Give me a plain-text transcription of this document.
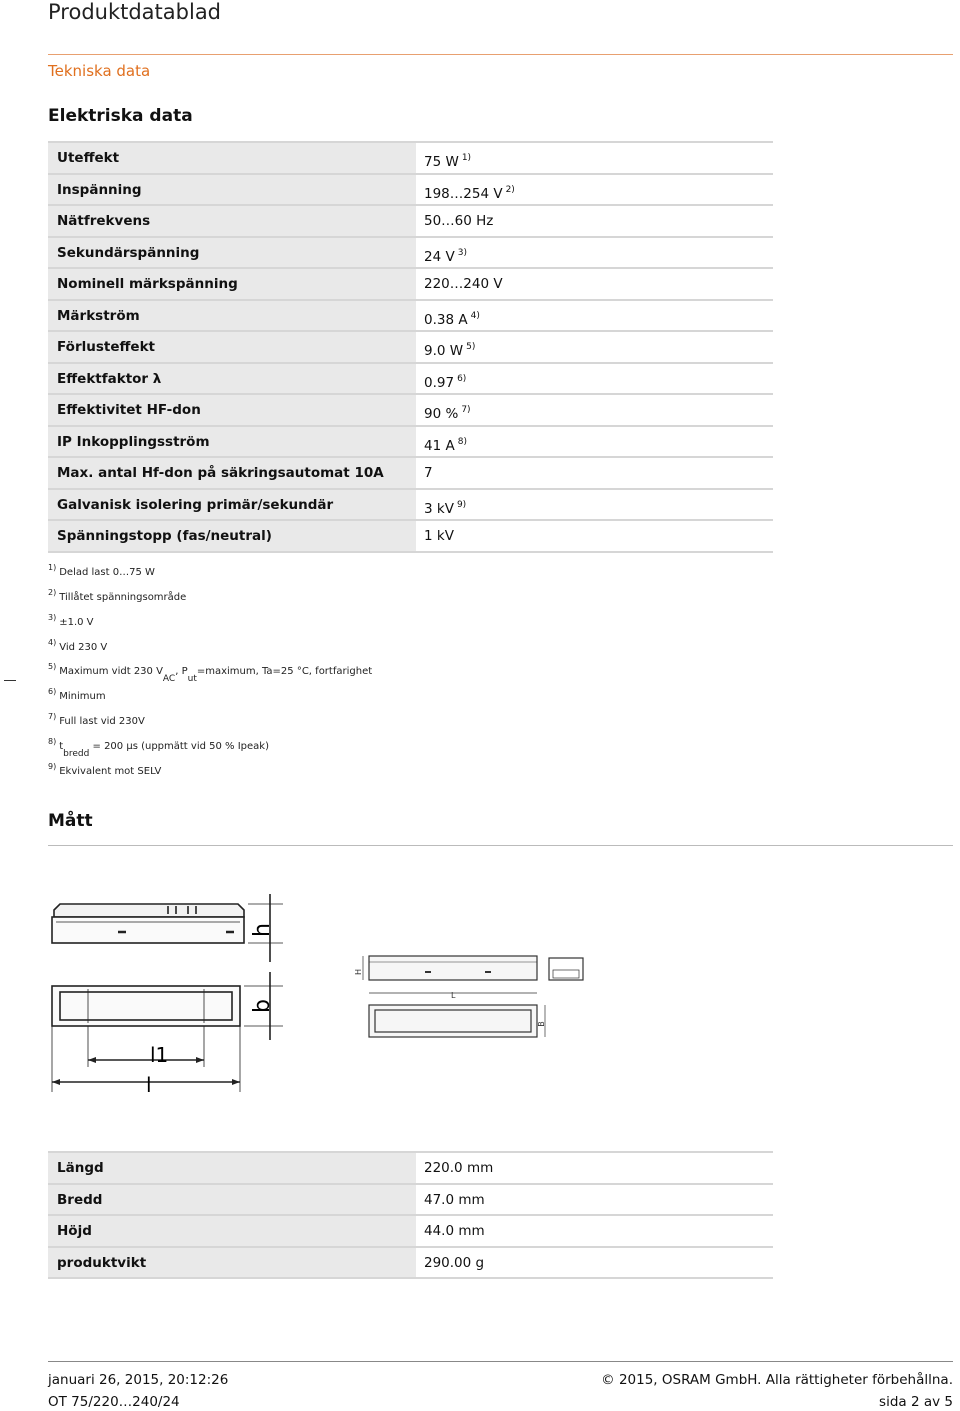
Produktdatablad
Tekniska data
Elektriska data
Uteffekt	75 W $^{1)}$
Inspänning	198…254 V $^{2)}$
Nätfrekvens	50…60 Hz
Sekundärspänning	24 V $^{3)}$
Nominell märkspänning	220…240 V
Märkström	0.38 A $^{4)}$
Förlusteffekt	9.0 W $^{5)}$
Effektfaktor λ	0.97 $^{6)}$
Effektivitet HF-don	90 % $^{7)}$
IP Inkopplingsström	41 A $^{8)}$
Max. antal Hf-don på säkringsautomat 10A	7
Galvanisk isolering primär/sekundär	3 kV $^{9)}$
Spänningstopp (fas/neutral)	1 kV
$^{1)}$ Delad last 0…75 W
$^{2)}$ Tillåtet spänningsområde
$^{3)}$ ±1.0 V
$^{4)}$ Vid 230 V
$^{5)}$ Maximum vidt 230 $V_{AC}$, $P_{ut}=maximum$, Ta=25 °C, fortfarighet
$^{6)}$ Minimum
$^{7)}$ Full last vid 230V
$^{8)}$ $t_{bredd} = 200$ µs (uppmätt vid 50 % Ipeak)
$^{9)}$ Ekvivalent mot SELV
Mått
h
b
l1
l
H
L
B
Längd	220.0 mm
Bredd	47.0 mm
Höjd	44.0 mm
produktvikt	290.00 g
januari 26, 2015, 20:12:26	© 2015, OSRAM GmbH. Alla rättigheter förbehållna.
OT 75/220…240/24	sida 2 av 5
